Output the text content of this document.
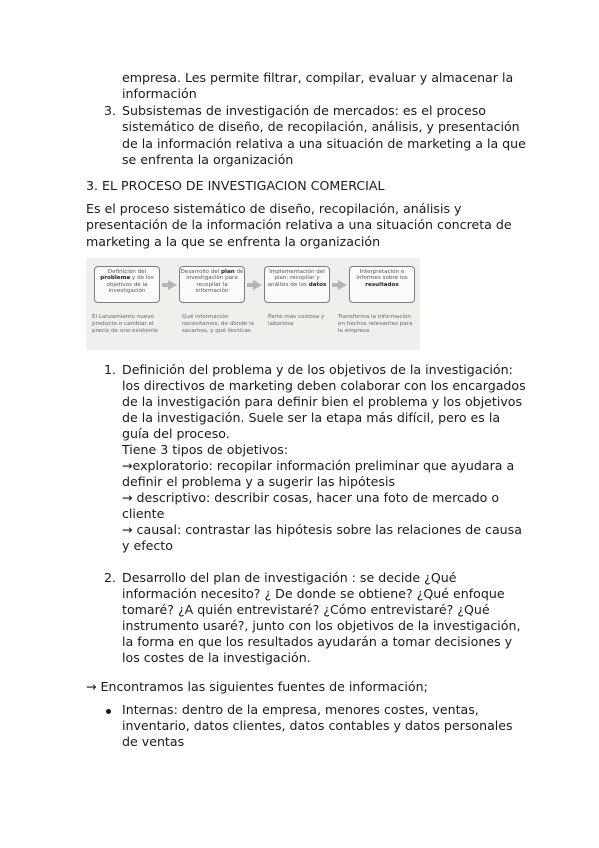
empresa. Les permite filtrar, compilar, evaluar y almacenar la
información
3. Subsistemas de investigación de mercados: es el proceso
sistemático de diseño, de recopilación, análisis, y presentación
de la información relativa a una situación de marketing a la que
se enfrenta la organización
3. EL PROCESO DE INVESTIGACION COMERCIAL
Es el proceso sistemático de diseño, recopilación, análisis y
presentación de la información relativa a una situación concreta de
marketing a la que se enfrenta la organización
Definición del problema y de los objetivos de la investigación
Desarrollo del plan de investigación para recopilar la información
Implementación del plan: recopilar y análisis de los datos
Interpretación e informes sobre los resultados
El Lanzamiento nuevo producto o cambiar el precio de uno existente
Qué información necesitamos, de dónde la sacamos, y qué técnicas
Parte más costosa y laboriosa
Transforma la información en hechos relevantes para la empresa
1. Definición del problema y de los objetivos de la investigación:
los directivos de marketing deben colaborar con los encargados
de la investigación para definir bien el problema y los objetivos
de la investigación. Suele ser la etapa más difícil, pero es la
guía del proceso.
Tiene 3 tipos de objetivos:
→exploratorio: recopilar información preliminar que ayudara a
definir el problema y a sugerir las hipótesis
→ descriptivo: describir cosas, hacer una foto de mercado o
cliente
→ causal: contrastar las hipótesis sobre las relaciones de causa
y efecto
2. Desarrollo del plan de investigación : se decide ¿Qué
información necesito? ¿ De donde se obtiene? ¿Qué enfoque
tomaré? ¿A quién entrevistaré? ¿Cómo entrevistaré? ¿Qué
instrumento usaré?, junto con los objetivos de la investigación,
la forma en que los resultados ayudarán a tomar decisiones y
los costes de la investigación.
→ Encontramos las siguientes fuentes de información;
Internas: dentro de la empresa, menores costes, ventas,
inventario, datos clientes, datos contables y datos personales
de ventas
